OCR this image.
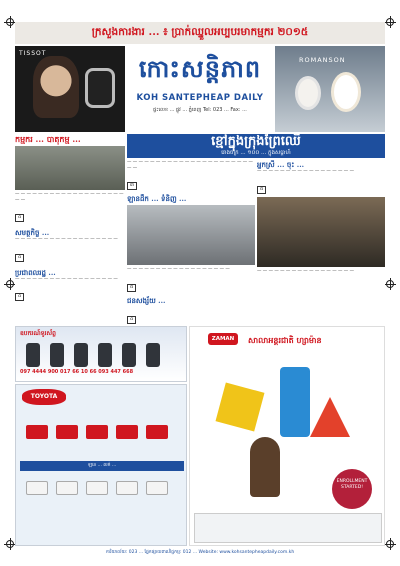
ក្រសួងការងារ ... ៖ ប្រាក់ឈ្នួលអប្បបរមាកម្មករ ២០១៥
TISSOT
កោះសន្តិភាព
KOH SANTEPHEAP DAILY
ផ្ទះលេខ ... ផ្លូវ ... ភ្នំពេញ Tel: 023 ... Fax: ...
ROMANSON
កម្មករ ... បាតុកម្ម ...
— — — — — — — — — — — — — — — — — — — — —
៤
សមត្ថកិច្ច ...
— — — — — — — — — — — — — — — — — —
៤
ប្រជាពលរដ្ឋ ...
— — — — — — — — — — — — — — — — — —
៤
ខ្មៅក្នុងក្រុងព្រៃឈើ
រោងចក្រ ... ១០០ ... ក្នុងសប្តាហ៍
— — — — — — — — — — — — — — — — — — — — — — — —
៣
ឡានដឹក ... ទំនិញ ...
— — — — — — — — — — — — — — — — — —
៥
ជនសង្ស័យ ...
៤
អ្នកស្រី ... ចុះ ...
— — — — — — — — — — — — — — — — —
៥
— — — — — — — — — — — — — — — — —
ឧបករណ៍ទូរស័ព្ទ
097 4444 900 017 66 10 66 093 447 668
TOYOTA
ឡាន ... លក់ ...
ZAMAN	សាលាអន្តរជាតិ ហ្សាម៉ាន
ENROLLMENT STARTED!
ការិយាល័យ: 023 ... ផ្នែកផ្សាយពាណិជ្ជកម្ម: 012 ... Website: www.kohsantepheapdaily.com.kh
